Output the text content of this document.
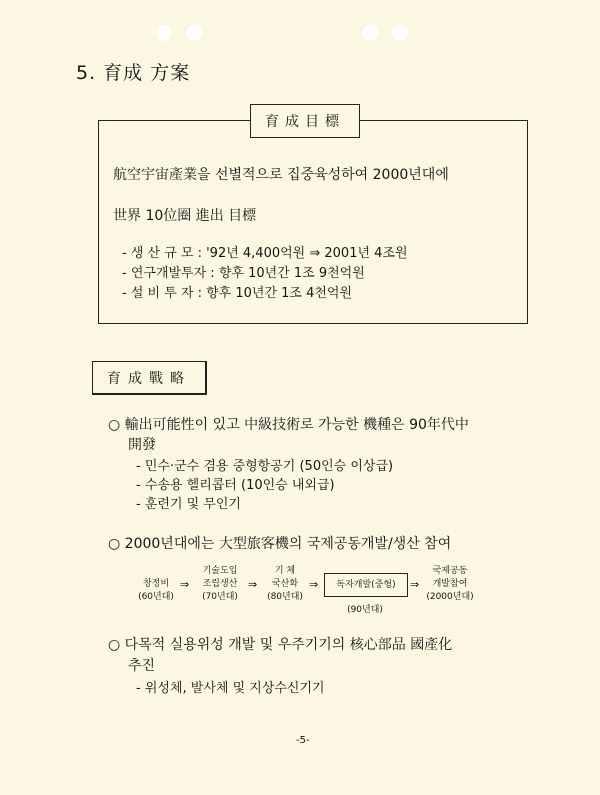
5. 育成 方案
育成目標
航空宇宙產業을 선별적으로 집중육성하여 2000년대에
世界 10位圈 進出 目標
- 생 산 규 모 : '92년 4,400억원 ⇒ 2001년 4조원
- 연구개발투자 : 향후 10년간 1조 9천억원
- 설 비 투 자 : 향후 10년간 1조 4천억원
育成戰略
○ 輸出可能性이 있고 中級技術로 가능한 機種은 90年代中
開發
- 민수·군수 겸용 중형항공기 (50인승 이상급)
- 수송용 헬리콥터 (10인승 내외급)
- 훈련기 및 무인기
○ 2000년대에는 大型旅客機의 국제공동개발/생산 참여
창정비
(60년대)
⇒
기술도입
조립생산
(70년대)
⇒
기 체
국산화
(80년대)
⇒	독자개발(중형)
(90년대)
⇒
국제공동
개발참여
(2000년대)
○ 다목적 실용위성 개발 및 우주기기의 核心部品 國產化
추진
- 위성체, 발사체 및 지상수신기기
-5-
